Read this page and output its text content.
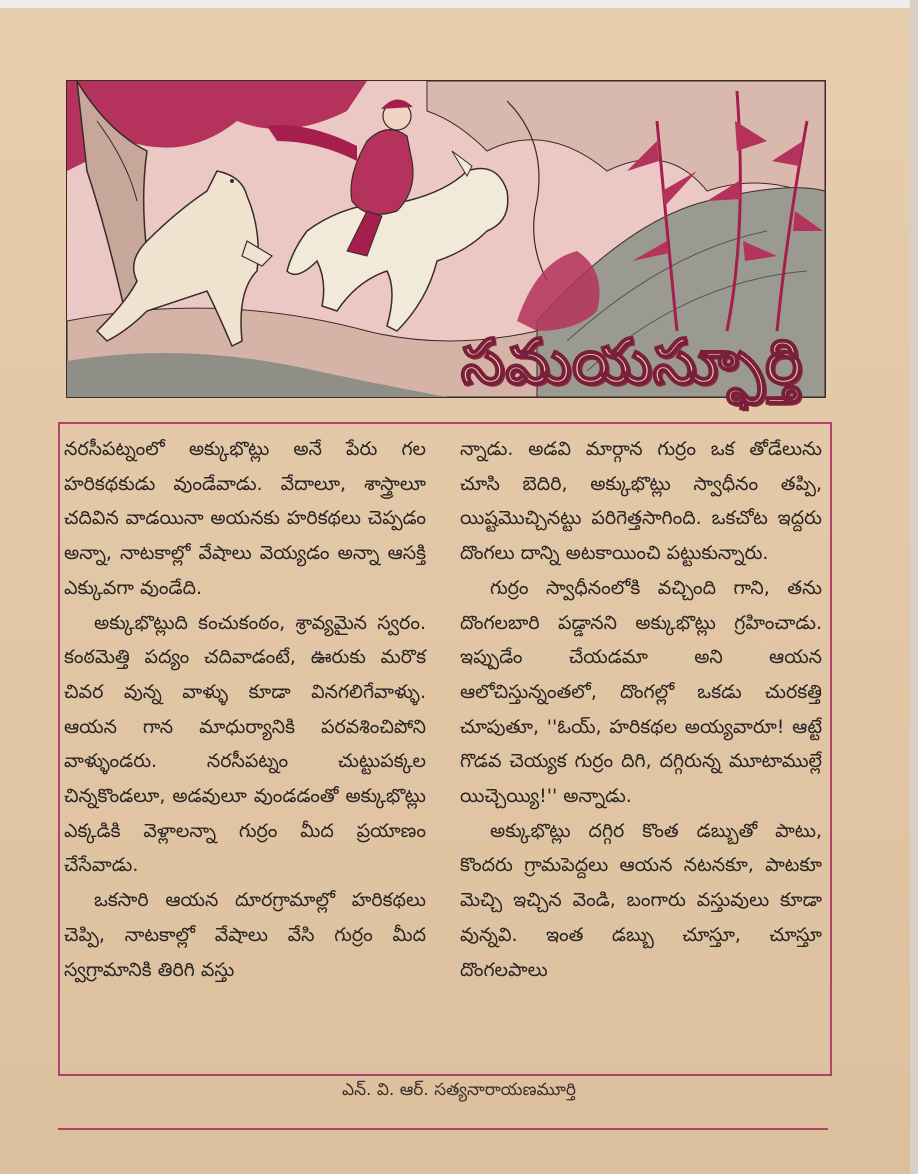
సమయస్ఫూర్తి

నరసీపట్నంలో అక్కుభొట్లు అనే పేరు గల హరికథకుడు వుండేవాడు. వేదాలూ, శాస్త్రాలూ చదివిన వాడయినా అయనకు హరికథలు చెప్పడం అన్నా, నాటకాల్లో వేషాలు వెయ్యడం అన్నా ఆసక్తి ఎక్కువగా వుండేది.

అక్కుభొట్లుది కంచుకంఠం, శ్రావ్యమైన స్వరం. కంఠమెత్తి పద్యం చదివాడంటే, ఊరుకు మరొక చివర వున్న వాళ్ళు కూడా వినగలిగేవాళ్ళు. ఆయన గాన మాధుర్యానికి పరవశించిపోని వాళ్ళుండరు. నరసీపట్నం చుట్టుపక్కల చిన్నకొండలూ, అడవులూ వుండడంతో అక్కుభొట్లు ఎక్కడికి వెళ్లాలన్నా గుర్రం మీద ప్రయాణం చేసేవాడు.

ఒకసారి ఆయన దూరగ్రామాల్లో హరికథలు చెప్పి, నాటకాల్లో వేషాలు వేసి గుర్రం మీద స్వగ్రామానికి తిరిగి వస్తు

న్నాడు. అడవి మార్గాన గుర్రం ఒక తోడేలును చూసి బెదిరి, అక్కుభొట్లు స్వాధీనం తప్పి, యిష్టమొచ్చినట్టు పరిగెత్తసాగింది. ఒకచోట ఇద్దరు దొంగలు దాన్ని అటకాయించి పట్టుకున్నారు.

గుర్రం స్వాధీనంలోకి వచ్చింది గాని, తను దొంగలబారి పడ్డానని అక్కుభొట్లు గ్రహించాడు. ఇప్పుడేం చేయడమా అని ఆయన ఆలోచిస్తున్నంతలో, దొంగల్లో ఒకడు చురకత్తి చూపుతూ, ''ఓయ్, హరికథల అయ్యవారూ! ఆట్టే గొడవ చెయ్యక గుర్రం దిగి, దగ్గిరున్న మూటాముల్లే యిచ్చెయ్యి!'' అన్నాడు.

అక్కుభొట్లు దగ్గిర కొంత డబ్బుతో పాటు, కొందరు గ్రామపెద్దలు ఆయన నటనకూ, పాటకూ మెచ్చి ఇచ్చిన వెండి, బంగారు వస్తువులు కూడా వున్నవి. ఇంత డబ్బు చూస్తూ, చూస్తూ దొంగలపాలు

ఎన్. వి. ఆర్. సత్యనారాయణమూర్తి
